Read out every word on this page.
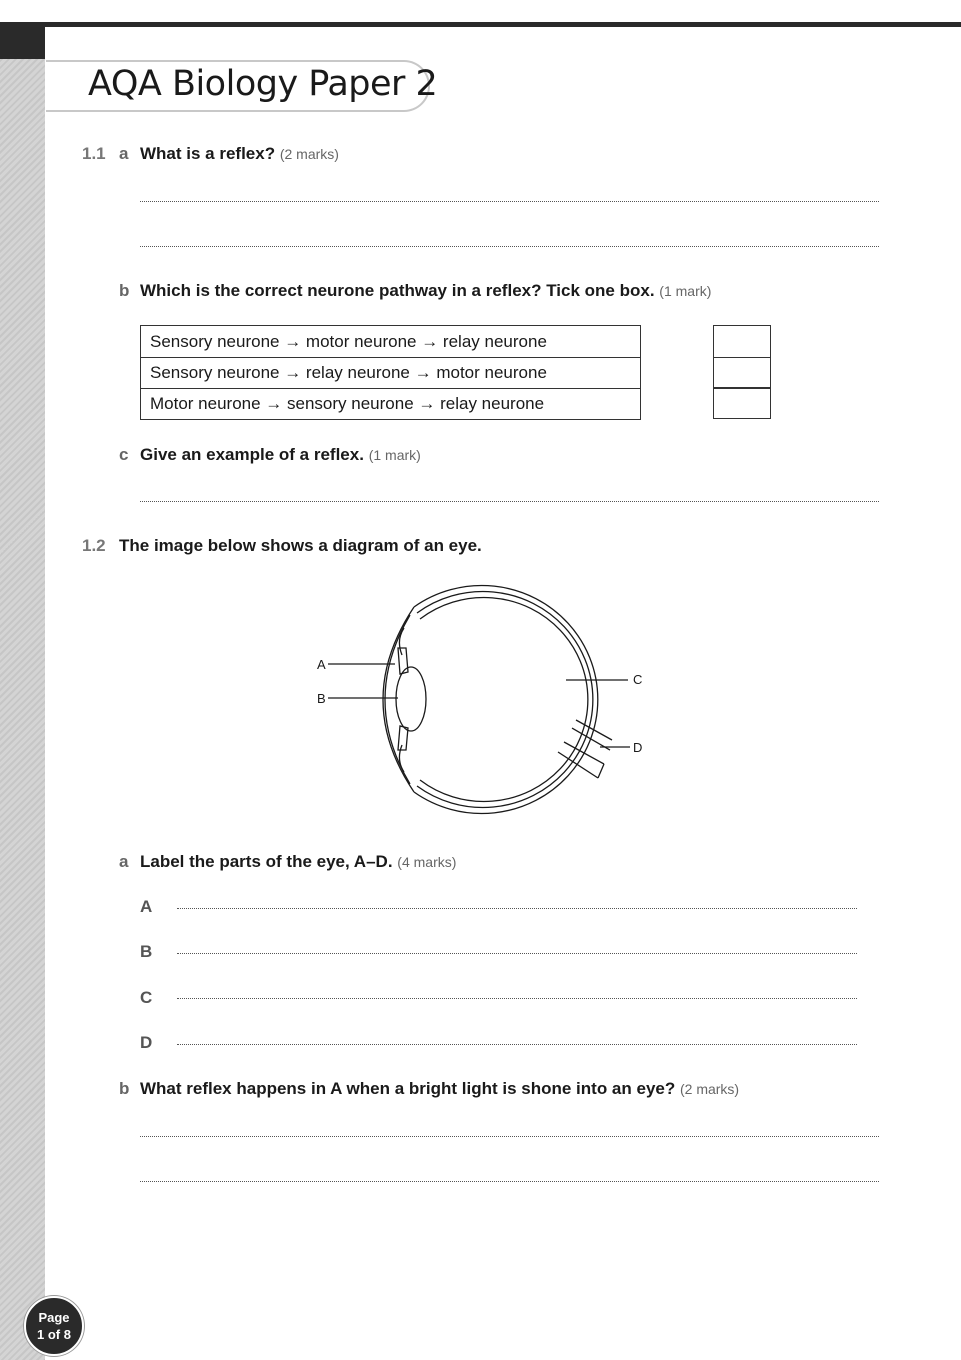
AQA Biology Paper 2
1.1 a What is a reflex? (2 marks)
b Which is the correct neurone pathway in a reflex? Tick one box. (1 mark)
Sensory neurone → motor neurone → relay neurone
Sensory neurone → relay neurone → motor neurone
Motor neurone → sensory neurone → relay neurone
c Give an example of a reflex. (1 mark)
1.2 The image below shows a diagram of an eye.
A
B
C
D
a Label the parts of the eye, A–D. (4 marks)
A
B
C
D
b What reflex happens in A when a bright light is shone into an eye? (2 marks)
Page
1 of 8
